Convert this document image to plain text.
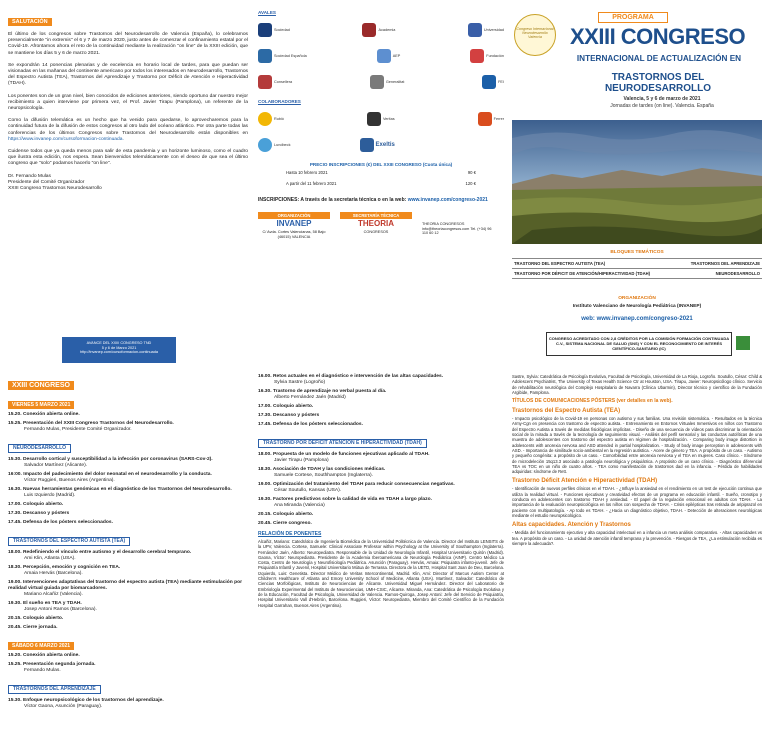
SALUTACIÓN

El último de los congresos sobre Trastornos del Neurodesarrollo de Valencia (España), lo celebramos presencialmente "in extremis" el 6 y 7 de marzo 2020, justo antes de comenzar el confinamiento estatal por el Covid-19. Afrontamos ahora el reto de la continuidad mediante la realización "on line" de la XXIII edición, que se mantiene los días 5 y 6 de marzo 2021.

Se expondrán 14 ponencias plenarias y de excelencia en horario local de tardes, para que puedan ser visionadas en las mañanas del continente americano por todos los interesados en Neurodesarrollo, Trastornos del Espectro Autista (TEA), Trastornos del Aprendizaje y Trastorno por Déficit de Atención e Hiperactividad (TDAH).

Los ponentes son de un gran nivel, bien conocidos de ediciones anteriores, siendo oportuno dar nuestro mejor recibimiento a quien interviene por primera vez, el Prof. Javier Tirapu (Pamplona), un referente de la neuropsicología.

Como la difusión telemática es un hecho que ha venido para quedarse, lo aprovecharemos para la continuidad futura de la difusión de estos congresos al otro lado del océano atlántico. Por otra parte todas las conferencias de los últimos Congresos sobre Trastornos del Neurodesarrollo están disponibles en https://www.invanep.com/cursoformacion-continuada.

Cuidense todos que ya queda menos para salir de esta pandemia y un horizonte luminoso, como el cuadro que ilustra esta edición, nos espera. Sean bienvenidos telemáticamente con el deseo de que sea el último congreso que "solo" podamos hacerlo "on line".

Dr. Fernando Mulas
Presidente del Comité Organizador
XXIII Congreso Trastornos Neurodesarrollo
AVANCE DEL XXIII CONGRESO TND
5 y 6 de Marzo 2021
http://invanep.com/cursoformacion-continuada
AVALES
Sociedad	Academia	Universidad
Sociedad Española	AEP	Fundación
Consellera	Generalitat	FEI
COLABORADORES
Rubió	Veritas	Ferrer
Lundbeck	Exeltis
PRECIO INSCRIPCIONES (€) DEL XXIII CONGRESO (Cuota única)
Hasta 10 febrero 2021	90 €
A partir del 11 febrero 2021	120 €
INSCRIPCIONES: A través de la secretaría técnica o en la web: www.invanep.com/congreso-2021
ORGANIZACIÓN
INVANEP
C/ Avda. Cortes Valencianas, 58 Bajo (46015) VALENCIA
SECRETARÍA TÉCNICA
THEORIA
CONGRESOS
THEORIA CONGRESOS info@theoriacongresos.com Tel. (+34) 96 110 60 12
Congreso Internacional Neurodesarrollo Valencia
PROGRAMA
XXIII CONGRESO
INTERNACIONAL DE ACTUALIZACIÓN EN
TRASTORNOS DEL NEURODESARROLLO
Valencia, 5 y 6 de marzo de 2021
Jornadas de tardes (on line). Valencia. España
BLOQUES TEMÁTICOS
TRASTORNO DEL ESPECTRO AUTISTA (TEA)	TRASTORNOS DEL APRENDIZAJE
TRASTORNO POR DÉFICIT DE ATENCIÓN/HIPERACTIVIDAD (TDAH)	NEURODESARROLLO
ORGANIZACIÓN
Instituto Valenciano de Neurología Pediátrica (INVANEP)
web: www.invanep.com/congreso-2021
CONGRESO ACREDITADO CON 2,8 CRÉDITOS POR LA COMISIÓN FORMACIÓN CONTINUADA C.V., SISTEMA NACIONAL DE SALUD (SNS) Y CON EL RECONOCIMIENTO DE INTERÉS CIENTÍFICO-SANITARIO (IC)
XXIII CONGRESO
VIERNES 5 MARZO 2021
15.20. Conexión abierta online.
15.25. Presentación del XXIII Congreso Trastornos del Neurodesarrollo.
Fernando Mulas, Presidente Comité Organizador.
NEURODESARROLLO
15.30. Desarrollo cortical y susceptibilidad a la infección por coronavirus (SARS-Cov-2).
Salvador Martínez (Alicante).
16:00. Impacto del padecimiento del dolor neonatal en el neurodesarrollo y la conducta.
Víctor Ruggieri, Buenos Aires (Argentina).
16.30. Nuevas herramientas genómicas en el diagnóstico de los Trastornos del Neurodesarrollo.
Luis Izquierdo (Madrid).
17.00. Coloquio abierto.
17.30. Descanso y pósters
17.45. Defensa de los pósters seleccionados.
TRASTORNOS DEL ESPECTRO AUTISTA (TEA)
18.00. Redefiniendo el vínculo entre autismo y el desarrollo cerebral temprano.
Ami Klin, Atlanta (USA).
18.30. Percepción, emoción y cognición en TEA.
Amaia Hervás (Barcelona).
19.00. Intervenciones adaptativas del trastorno del espectro autista (TEA) mediante estimulación por realidad virtual guiada por biomarcadores.
Mariano Alcañiz (Valencia).
19.30. El sueño en TEA y TDAH.
Josep Antoni Ramos (Barcelona).
20.15. Coloquio abierto.
20.45. Cierre jornada.
SÁBADO 6 MARZO 2021
15.20. Conexión abierta online.
15.25. Presentación segunda jornada.
Fernando Mulas.
TRASTORNOS DEL APRENDIZAJE
15.30. Enfoque neuropsicológico de los trastornos del aprendizaje.
Víctor Gaona, Asunción (Paraguay).
16.00. Retos actuales en el diagnóstico e intervención de las altas capacidades.
Sylvia Sastre (Logroño)
16.30. Trastorno de aprendizaje no verbal puesta al día.
Alberto Fernández Jaén (Madrid)
17.00. Coloquio abierto.
17.30. Descanso y pósters
17.45. Defensa de los pósters seleccionados.
TRASTORNO POR DÉFICIT ATENCIÓN E HIPERACTIVIDAD (TDAH)
18.00. Propuesta de un modelo de funciones ejecutivas aplicado al TDAH.
Javier Tirapu (Pamplona)
18.30. Asociación de TDAH y las condiciones médicas.
Samuele Cortese, Southhampton (Inglaterra).
19.00. Optimización del tratamiento del TDAH para reducir consecuencias negativas.
César Soutullo, Kansas (USA).
19.30. Factores predictivos sobre la calidad de vida en TDAH a largo plazo.
Ana Miranda (Valencia)
20.15. Coloquio abierto.
20.45. Cierre congreso.
RELACIÓN DE PONENTES
Alcañiz, Mariano: Catedrático de Ingeniería Biomédica de la Universidad Politécnica de Valencia. Director del Instituto LENSITS de la UPV, Valencia. Cortese, Samuele: Clinical Associate Professor within Psychology at the University of Southampton (Inglaterra). Fernández Jaén, Alberto: Neuropediatra. Responsable de la Unidad de Neurología Infantil, Hospital Universitario Quirón (Madrid). Gaona, Víctor: Neuropediatra. Presidente de la Academia Iberoamericana de Neurología Pediátrica (AINP). Centro Médico La Costa, Centro de Neurología y Neurofisiología Pediátrica. Asunción (Paraguay). Hervás, Amaia: Psiquiatra infanto-juvenil. Jefe de Psiquiatría Infantil y Juvenil, Hospital Universitario Mútua de Terrassa. Directora de la UETD, Hospital Sant Joan de Deu, Barcelona. Izquierdo, Luis: Genetista. Director Médico de Veritas Intercontinental, Madrid. Klin, Ami: Director of Marcus Autism Center at Children's Healthcare of Atlanta and Emory University School of Medicine, Atlanta (USA). Martínez, Salvador: Catedrático de Ciencias Morfológicas, Instituto de Neurociencias de Alicante. Universidad Miguel Hernández. Director del Laboratorio de Embriología Experimental del Instituto de Neurociencias, UMH-CSIC, Alicante. Miranda, Ana: Catedrática de Psicología Evolutiva y de la Educación, Facultad de Psicología, Universidad de Valencia. Ramos-Quiroga, Josep Antoni: Jefe del Servicio de Psiquiatría, Hospital Universitario Vall d'Hebrón, Barcelona. Ruggieri, Víctor: Neuropediatra, Miembro del Comité Científico de la Fundación Hospital Garrahan, Buenos Aires (Argentina).
Sastre, Sylvia: Catedrática de Psicología Evolutiva, Facultad de Psicología, Universidad de La Rioja, Logroño. Soutullo, César: Child & Adolescent Psychiatrist, The University of Texas Health Science Ctr at Houston, USA. Tirapu, Javier: Neuropsicólogo clínico. Servicio de rehabilitación neurológica del Complejo Hospitalario de Navarra (Clínica Ubarmin), Director técnico y científico de la Fundación Argibide, Pamplona.
TÍTULOS DE COMUNICACIONES PÓSTERS (ver detalles en la web).
Trastornos del Espectro Autista (TEA)
- Impacto psicológico de la Covid-19 en personas con autismo y sus familias. Una revisión sistemática. - Resultados en la técnica Army-Cgn en presencia con trastorno de espectro autista. - Entrenamiento en Entornos Virtuales Inmersivos en niños con Trastorno del Espectro Autista a través de medidas fisiológicas implícitas. - Diseño de una secuencia de vídeos para discriminar la orientación social de la mirada a través de la tecnología de seguimiento visual. - Análisis del perfil sensorial y las conductas autolíticas de una muestra de adolescentes con trastorno del espectro autista en régimen de hospitalización. - Comparing body image distortion in adolescents with anorexia nervosa and ASD attended in partial hospitalization. - Study of body image perception in adolescents with ASD. - Importancia de similitude socio-ambiental en la regresión autística. - Acere de género y TEA. A propósito de un caso. - Autismo y pequeño congénita: a propósito de un caso. - Comorbilidad entre anorexia nerviosa y el TEA en mujeres. Caso clínico. - Síndrome de microdeleción 15q13.3 asociado a patología neurológica y psiquiátrica. A propósito de un caso clínico. - Diagnóstico diferencial TEA vs TOC en un niño de cuatro años. - TEA como manifestación de trastornos dad en la infancia. - Pérdida de habilidades adquiridas: síndrome de Rett.
Trastorno Déficit Atención e Hiperactividad (TDAH)
- Identificación de nuevos perfiles clínicos en el TDAH. - ¿Influye la ansiedad en el rendimiento en un test de ejecución continua que utiliza la realidad virtual. - Funciones ejecutivas y creatividad efectos de un programa en educación infantil. - Sueño, cronotipo y conducta en adolescentes con trastorno TDAH y ansiedad. - El papel de la regulación emocional en adultos con TDAH. - La importancia de la evaluación neuropsicológica en los niños con sospecha de TDAH. - Crisis epilépticas tras retirada de aripiprazol en paciente con multipatología. - Ap todo es TDAH. - ¿Hacia un diagnóstico objetivo, TDAH. - Detección de alteraciones neurológicas mediante el estudio neuropsicológico.
Altas capacidades. Atención y Trastornos
- Medida del funcionamiento ejecutivo y alta capacidad intelectual en a infancia un meta análisis comparativo. - Altas capacidades vs tea. A propósito de un caso. - La unidad de atención infantil temprana y la prevención. - Riesgos de TEA, ¿La estimulación recibida es siempre la adecuada?.
